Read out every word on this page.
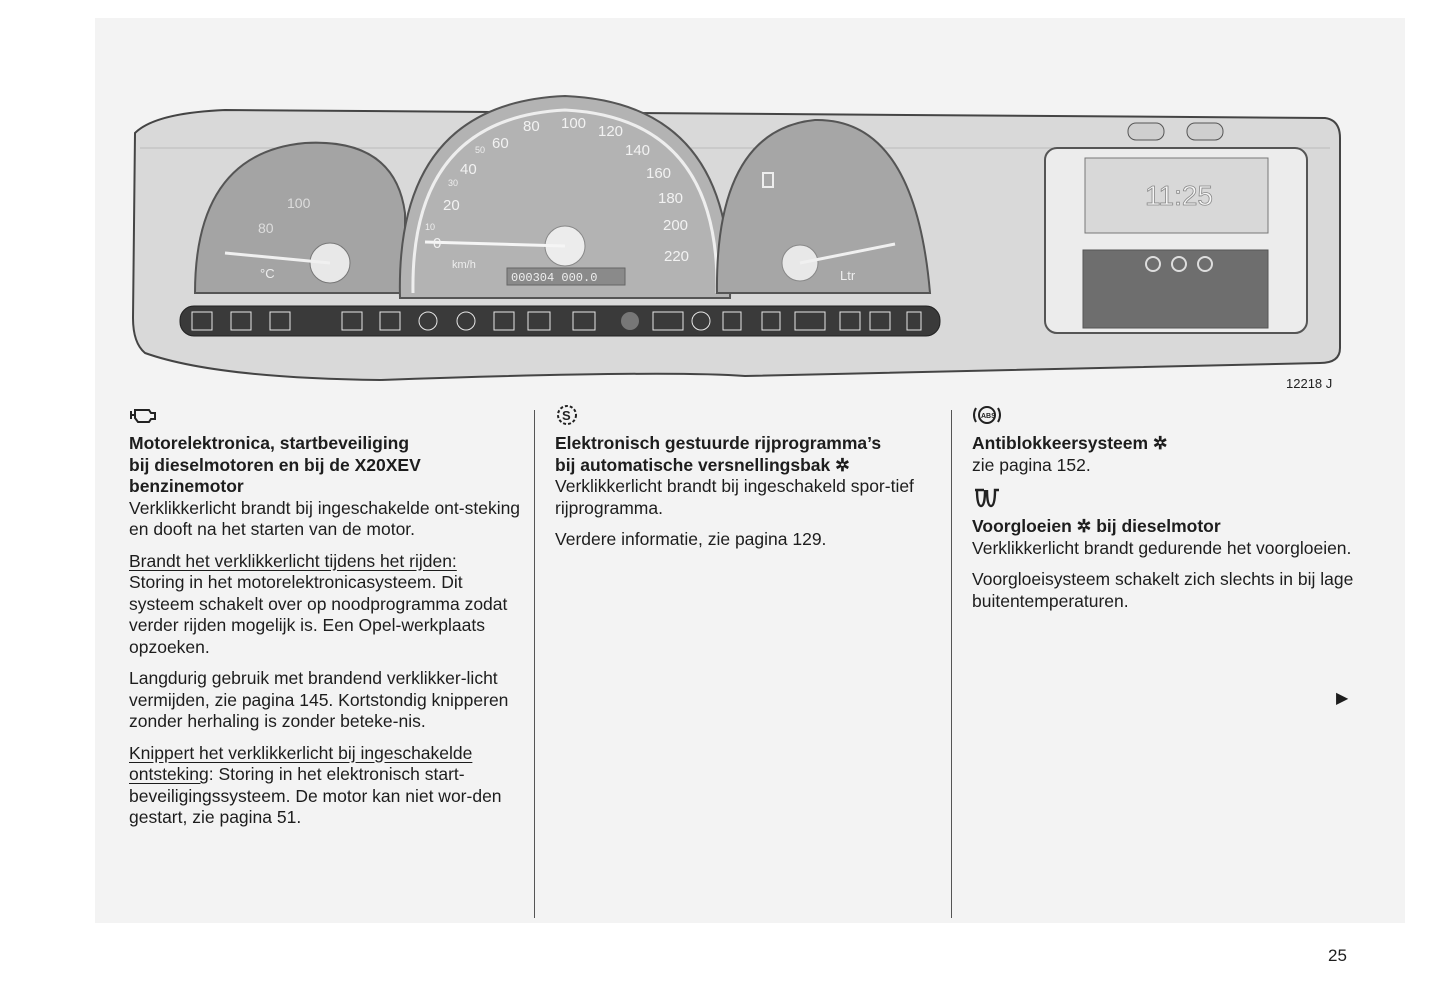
80
100
°C
0
20
40
60
80 100 120
140
160
180
200
220
10
30
50
km/h
000304 000.0	Ltr
11:25
12218 J
Motorelektronica, startbeveiliging
bij dieselmotoren en bij de X20XEV
benzinemotor

Verklikkerlicht brandt bij ingeschakelde ont-steking en dooft na het starten van de motor.

Brandt het verklikkerlicht tijdens het rijden:
Storing in het motorelektronicasysteem. Dit systeem schakelt over op noodprogramma zodat verder rijden mogelijk is. Een Opel-werkplaats opzoeken.

Langdurig gebruik met brandend verklikker-licht vermijden, zie pagina 145. Kortstondig knipperen zonder herhaling is zonder beteke-nis.

Knippert het verklikkerlicht bij ingeschakelde ontsteking: Storing in het elektronisch start-beveiligingssysteem. De motor kan niet wor-den gestart, zie pagina 51.

S
Elektronisch gestuurde rijprogramma’s
bij automatische versnellingsbak ✲

Verklikkerlicht brandt bij ingeschakeld spor-tief rijprogramma.

Verdere informatie, zie pagina 129.

ABS
Antiblokkeersysteem ✲

zie pagina 152.

Voorgloeien ✲ bij dieselmotor

Verklikkerlicht brandt gedurende het voorgloeien.

Voorgloeisysteem schakelt zich slechts in bij lage buitentemperaturen.

▶
25
